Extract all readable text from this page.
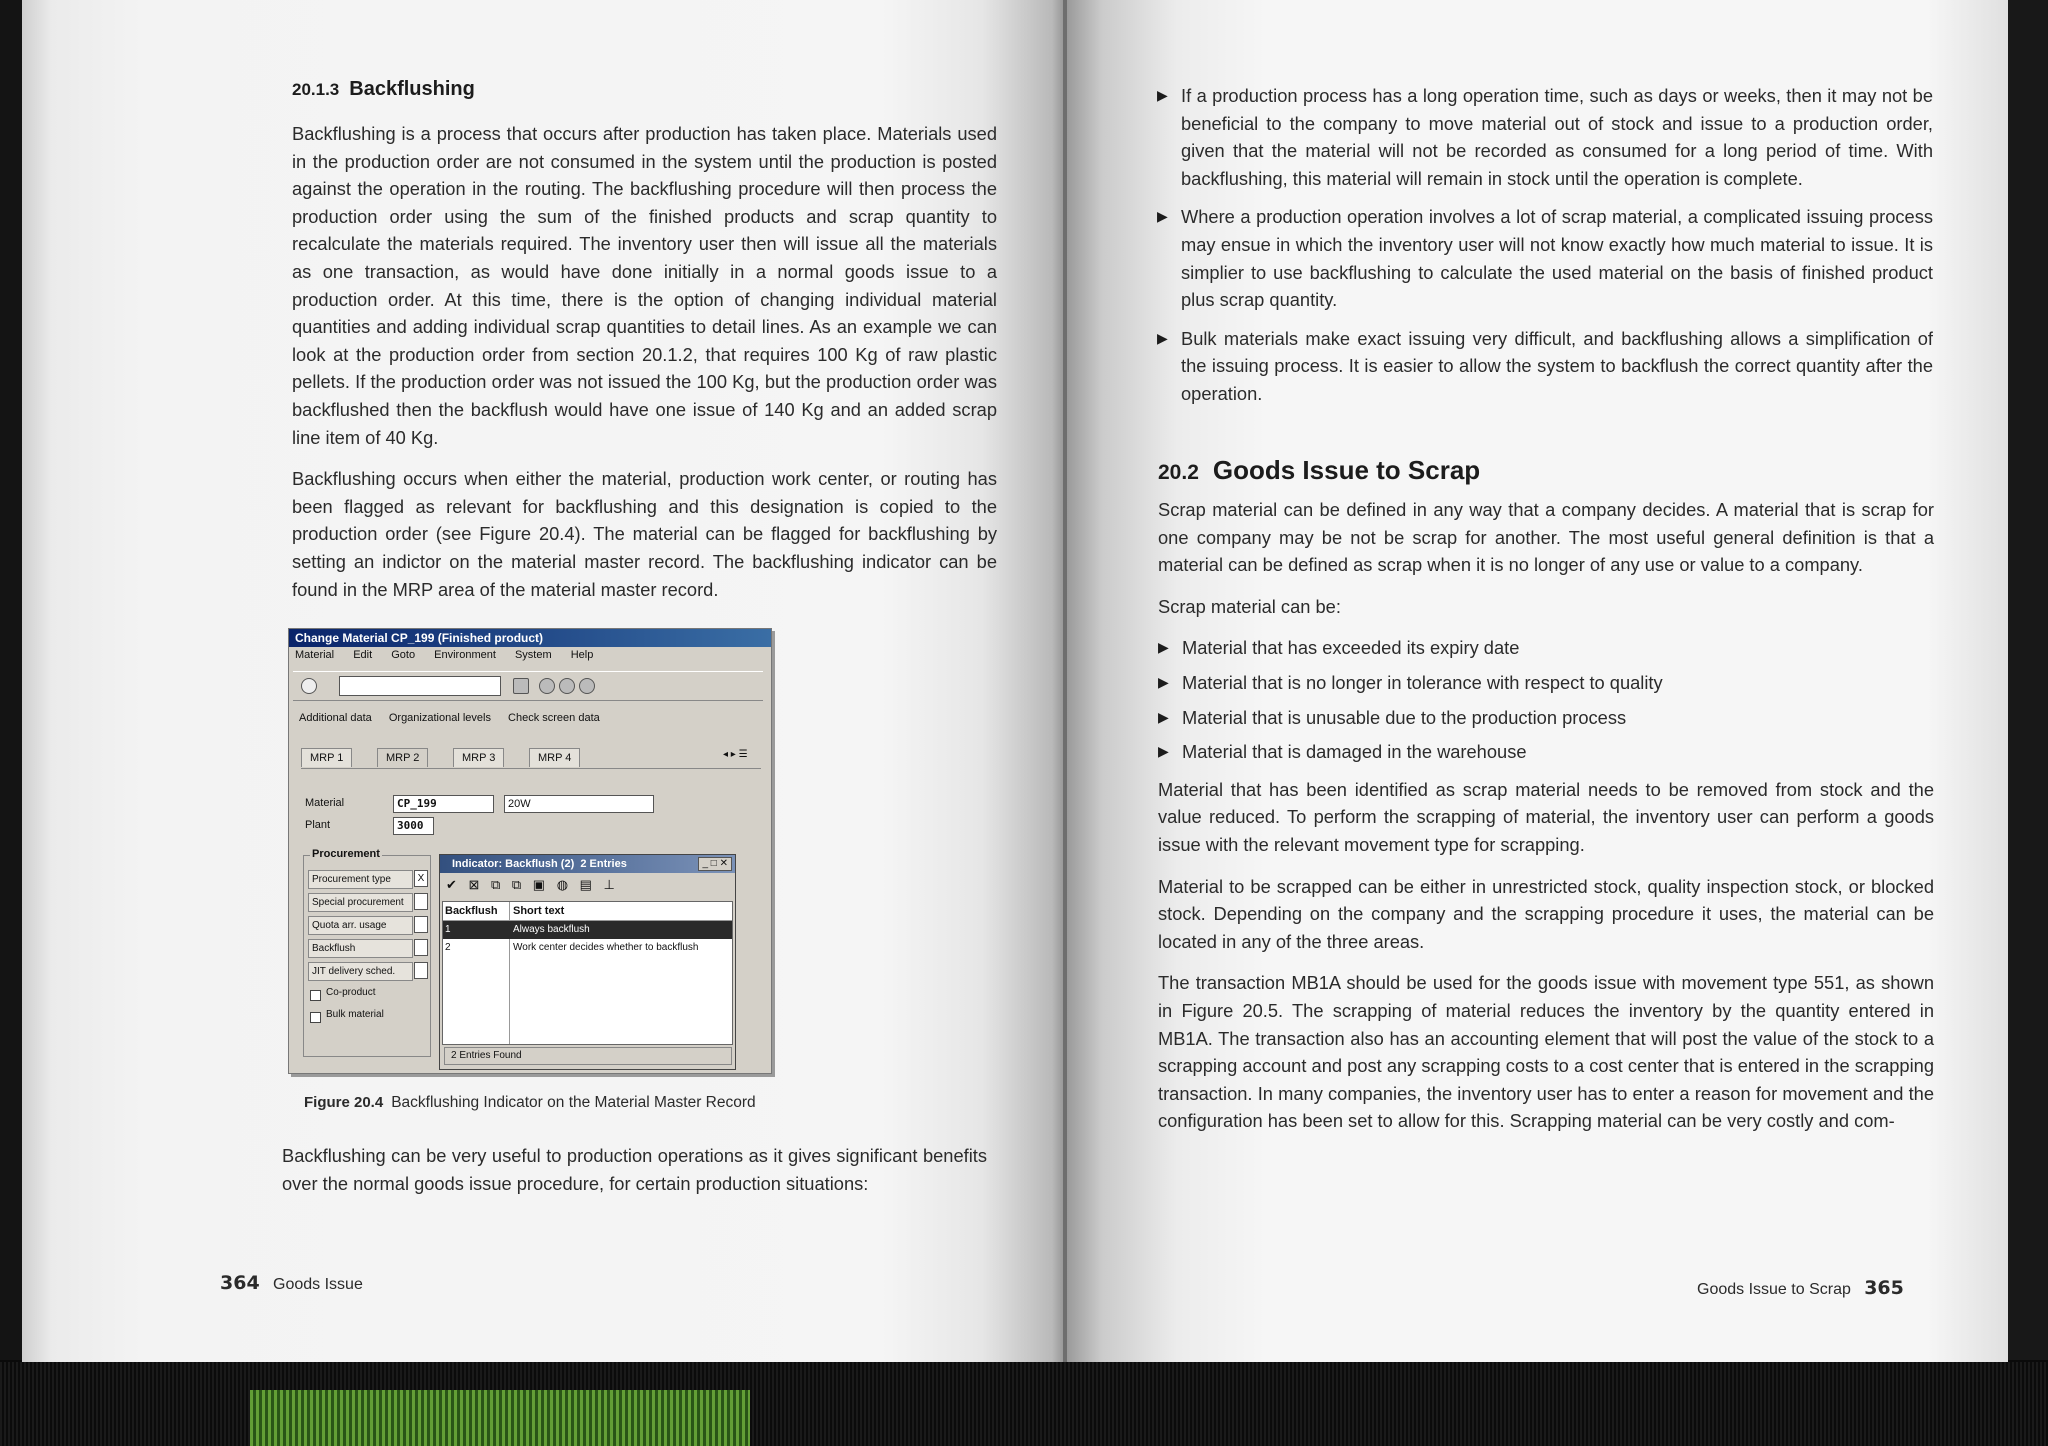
20.1.3 Backflushing

Backflushing is a process that occurs after production has taken place. Materials used in the production order are not consumed in the system until the production is posted against the operation in the routing. The backflushing procedure will then process the production order using the sum of the finished products and scrap quantity to recalculate the materials required. The inventory user then will issue all the materials as one transaction, as would have done initially in a normal goods issue to a production order. At this time, there is the option of changing individual material quantities and adding individual scrap quantities to detail lines. As an example we can look at the production order from section 20.1.2, that requires 100 Kg of raw plastic pellets. If the production order was not issued the 100 Kg, but the production order was backflushed then the backflush would have one issue of 140 Kg and an added scrap line item of 40 Kg.

Backflushing occurs when either the material, production work center, or routing has been flagged as relevant for backflushing and this designation is copied to the production order (see Figure 20.4). The material can be flagged for backflushing by setting an indictor on the material master record. The backflushing indicator can be found in the MRP area of the material master record.

Change Material CP_199 (Finished product)
Material Edit Goto Environment System Help
Additional data Organizational levels Check screen data
MRP 1	MRP 2	MRP 3	MRP 4	◂ ▸ ☰
Material	CP_199	20W
Plant	3000
Procurement
Procurement type	X
Special procurement
Quota arr. usage
Backflush
JIT delivery sched.
Co-product
Bulk material
Indicator: Backflush (2) 2 Entries	_ □ ✕
✔ ⊠ ⧉ ⧉ ▣ ◍ ▤ ⊥
Backflush	Short text
1	Always backflush
2	Work center decides whether to backflush
2 Entries Found
Figure 20.4 Backflushing Indicator on the Material Master Record

Backflushing can be very useful to production operations as it gives significant benefits over the normal goods issue procedure, for certain production situations:

364 Goods Issue
▶ If a production process has a long operation time, such as days or weeks, then it may not be beneficial to the company to move material out of stock and issue to a production order, given that the material will not be recorded as consumed for a long period of time. With backflushing, this material will remain in stock until the operation is complete.
▶ Where a production operation involves a lot of scrap material, a complicated issuing process may ensue in which the inventory user will not know exactly how much material to issue. It is simplier to use backflushing to calculate the used material on the basis of finished product plus scrap quantity.
▶ Bulk materials make exact issuing very difficult, and backflushing allows a simplification of the issuing process. It is easier to allow the system to backflush the correct quantity after the operation.
20.2 Goods Issue to Scrap

Scrap material can be defined in any way that a company decides. A material that is scrap for one company may be not be scrap for another. The most useful general definition is that a material can be defined as scrap when it is no longer of any use or value to a company.

Scrap material can be:

▶ Material that has exceeded its expiry date
▶ Material that is no longer in tolerance with respect to quality
▶ Material that is unusable due to the production process
▶ Material that is damaged in the warehouse

Material that has been identified as scrap material needs to be removed from stock and the value reduced. To perform the scrapping of material, the inventory user can perform a goods issue with the relevant movement type for scrapping.

Material to be scrapped can be either in unrestricted stock, quality inspection stock, or blocked stock. Depending on the company and the scrapping procedure it uses, the material can be located in any of the three areas.

The transaction MB1A should be used for the goods issue with movement type 551, as shown in Figure 20.5. The scrapping of material reduces the inventory by the quantity entered in MB1A. The transaction also has an accounting element that will post the value of the stock to a scrapping account and post any scrapping costs to a cost center that is entered in the scrapping transaction. In many companies, the inventory user has to enter a reason for movement and the configuration has been set to allow for this. Scrapping material can be very costly and com-

Goods Issue to Scrap 365
